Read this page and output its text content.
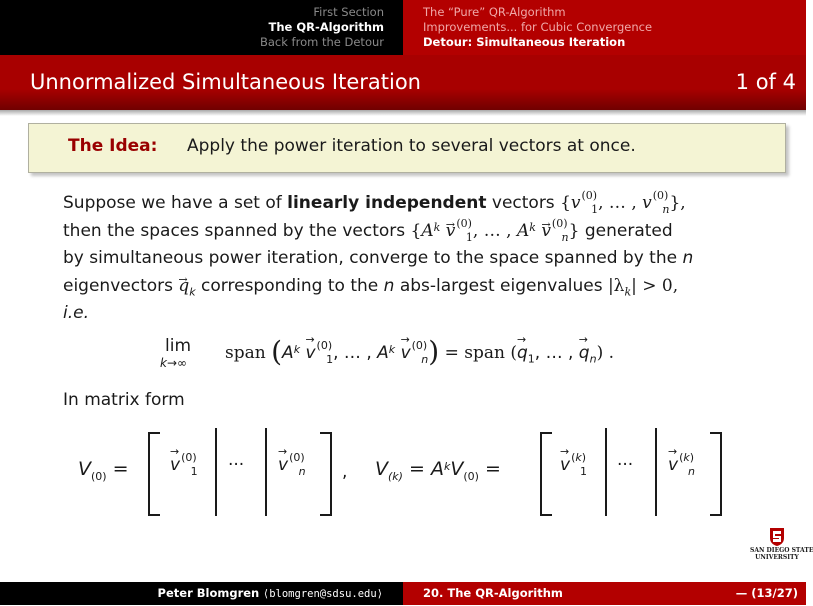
First Section
The QR-Algorithm
Back from the Detour
The “Pure” QR-Algorithm
Improvements... for Cubic Convergence
Detour: Simultaneous Iteration
Unnormalized Simultaneous Iteration	1 of 4
The Idea: Apply the power iteration to several vectors at once.
Suppose we have a set of linearly independent vectors {$v^{(0)}_1$, … , $v^{(0)}_n$},
then the spaces spanned by the vectors {$A^k \to v^{(0)}_1$, … , $A^k \to v^{(0)}_n$} generated
by simultaneous power iteration, converge to the space spanned by the n
eigenvectors → $q_k$ corresponding to the n abs-largest eigenvalues $|\lambda_k| > 0$,
i.e.
span ($A^k \to v^{(0)}_1$, … , $A^k \to v^{(0)}_n$) = span (→ $q_1$, … , → $q_n$) .
lim
k→∞
In matrix form
$V_{(0)}$ = → $v^{(0)}_1$ ··· → $v^{(0)}_n$ , $V_{(k)} = A^kV_{(0)}$ =	→ $v^{(k)}_1$ ··· → $v^{(k)}_n$
SAN DIEGO STATE
UNIVERSITY
Peter Blomgren ⟨blomgren@sdsu.edu⟩	20. The QR-Algorithm	— (13/27)
